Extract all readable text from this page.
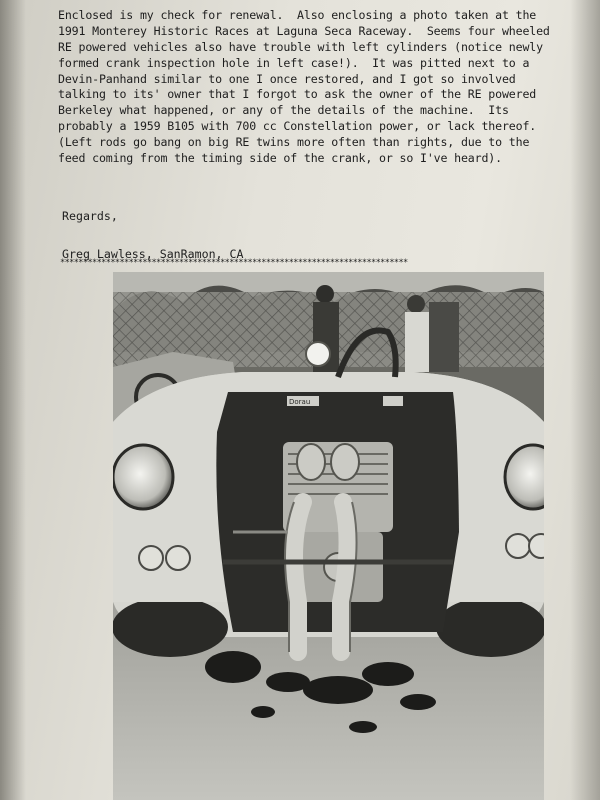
Enclosed is my check for renewal.  Also enclosing a photo taken at the
1991 Monterey Historic Races at Laguna Seca Raceway.  Seems four wheeled
RE powered vehicles also have trouble with left cylinders (notice newly
formed crank inspection hole in left case!).  It was pitted next to a
Devin-Panhand similar to one I once restored, and I got so involved
talking to its' owner that I forgot to ask the owner of the RE powered
Berkeley what happened, or any of the details of the machine.  Its
probably a 1959 B105 with 700 cc Constellation power, or lack thereof.
(Left rods go bang on big RE twins more often than rights, due to the
feed coming from the timing side of the crank, or so I've heard).
Regards,
Greg Lawless, SanRamon, CA
****************************************************************************
Dorau
